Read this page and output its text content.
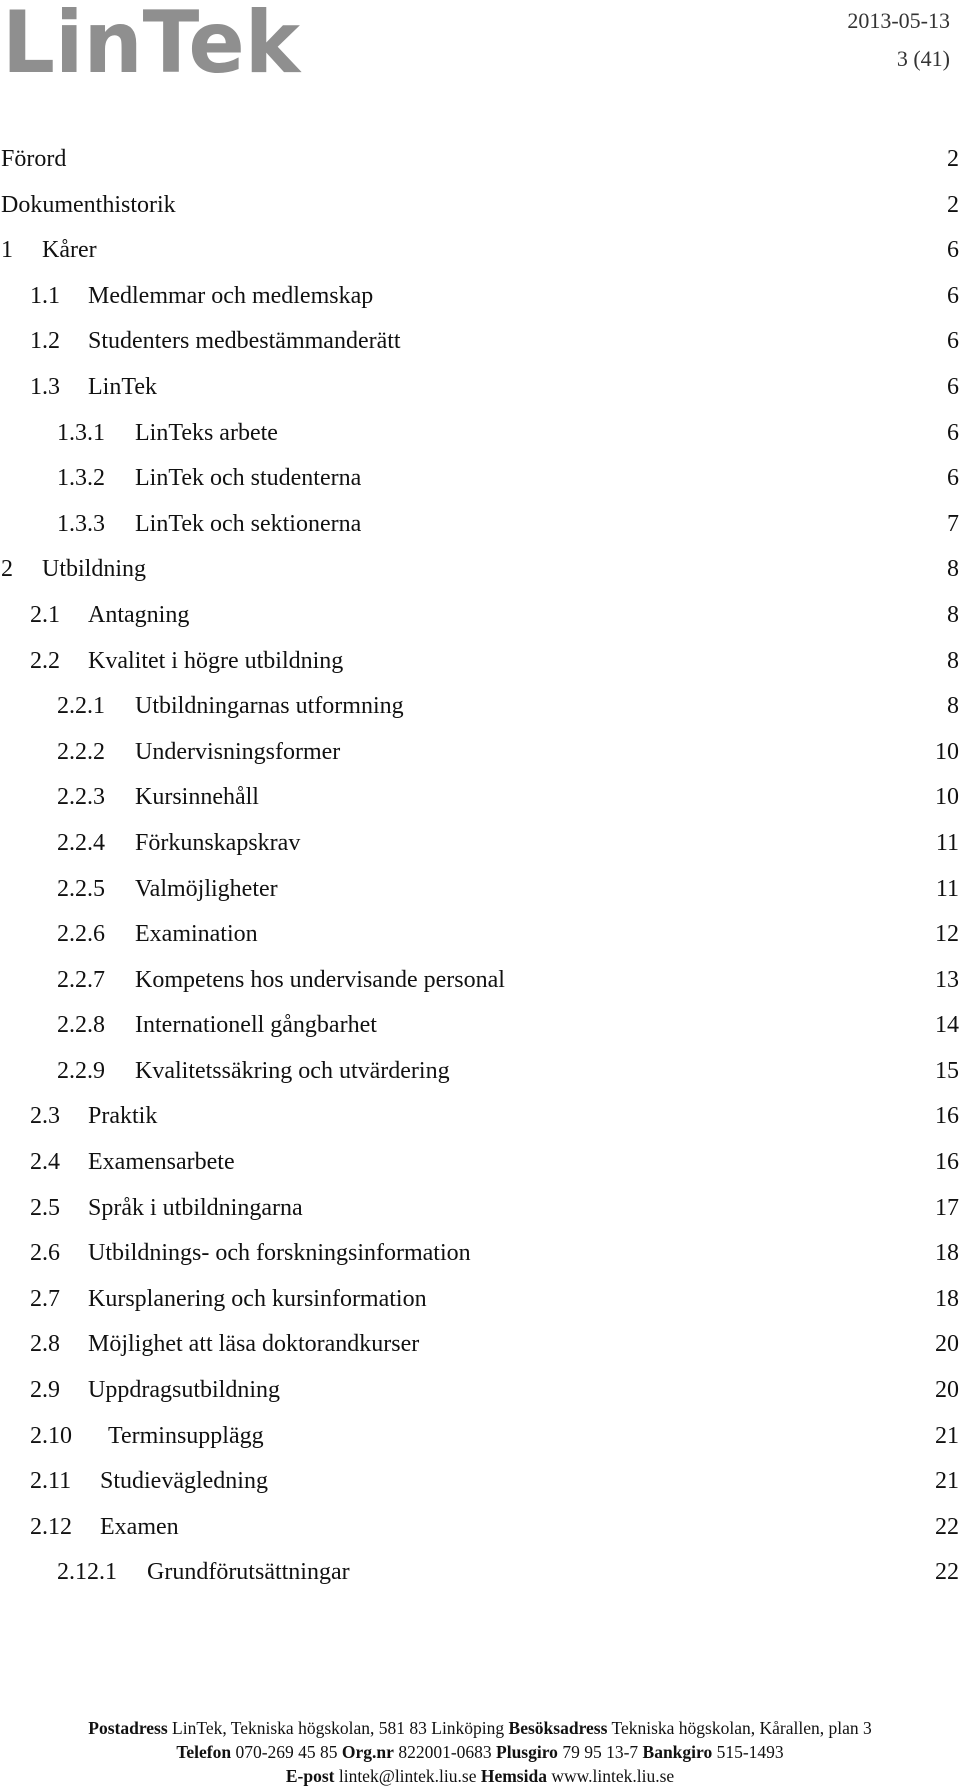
LinTek	2013-05-13
3 (41)
Förord	2
Dokumenthistorik	2
1 Kårer	6
1.1 Medlemmar och medlemskap	6
1.2 Studenters medbestämmanderätt	6
1.3 LinTek	6
1.3.1 LinTeks arbete	6
1.3.2 LinTek och studenterna	6
1.3.3 LinTek och sektionerna	7
2 Utbildning	8
2.1 Antagning	8
2.2 Kvalitet i högre utbildning	8
2.2.1 Utbildningarnas utformning	8
2.2.2 Undervisningsformer	10
2.2.3 Kursinnehåll	10
2.2.4 Förkunskapskrav	11
2.2.5 Valmöjligheter	11
2.2.6 Examination	12
2.2.7 Kompetens hos undervisande personal	13
2.2.8 Internationell gångbarhet	14
2.2.9 Kvalitetssäkring och utvärdering	15
2.3 Praktik	16
2.4 Examensarbete	16
2.5 Språk i utbildningarna	17
2.6 Utbildnings- och forskningsinformation	18
2.7 Kursplanering och kursinformation	18
2.8 Möjlighet att läsa doktorandkurser	20
2.9 Uppdragsutbildning	20
2.10 Terminsupplägg	21
2.11 Studievägledning	21
2.12 Examen	22
2.12.1 Grundförutsättningar	22
Postadress LinTek, Tekniska högskolan, 581 83 Linköping Besöksadress Tekniska högskolan, Kårallen, plan 3
Telefon 070-269 45 85 Org.nr 822001-0683 Plusgiro 79 95 13-7 Bankgiro 515-1493
E-post lintek@lintek.liu.se Hemsida www.lintek.liu.se
